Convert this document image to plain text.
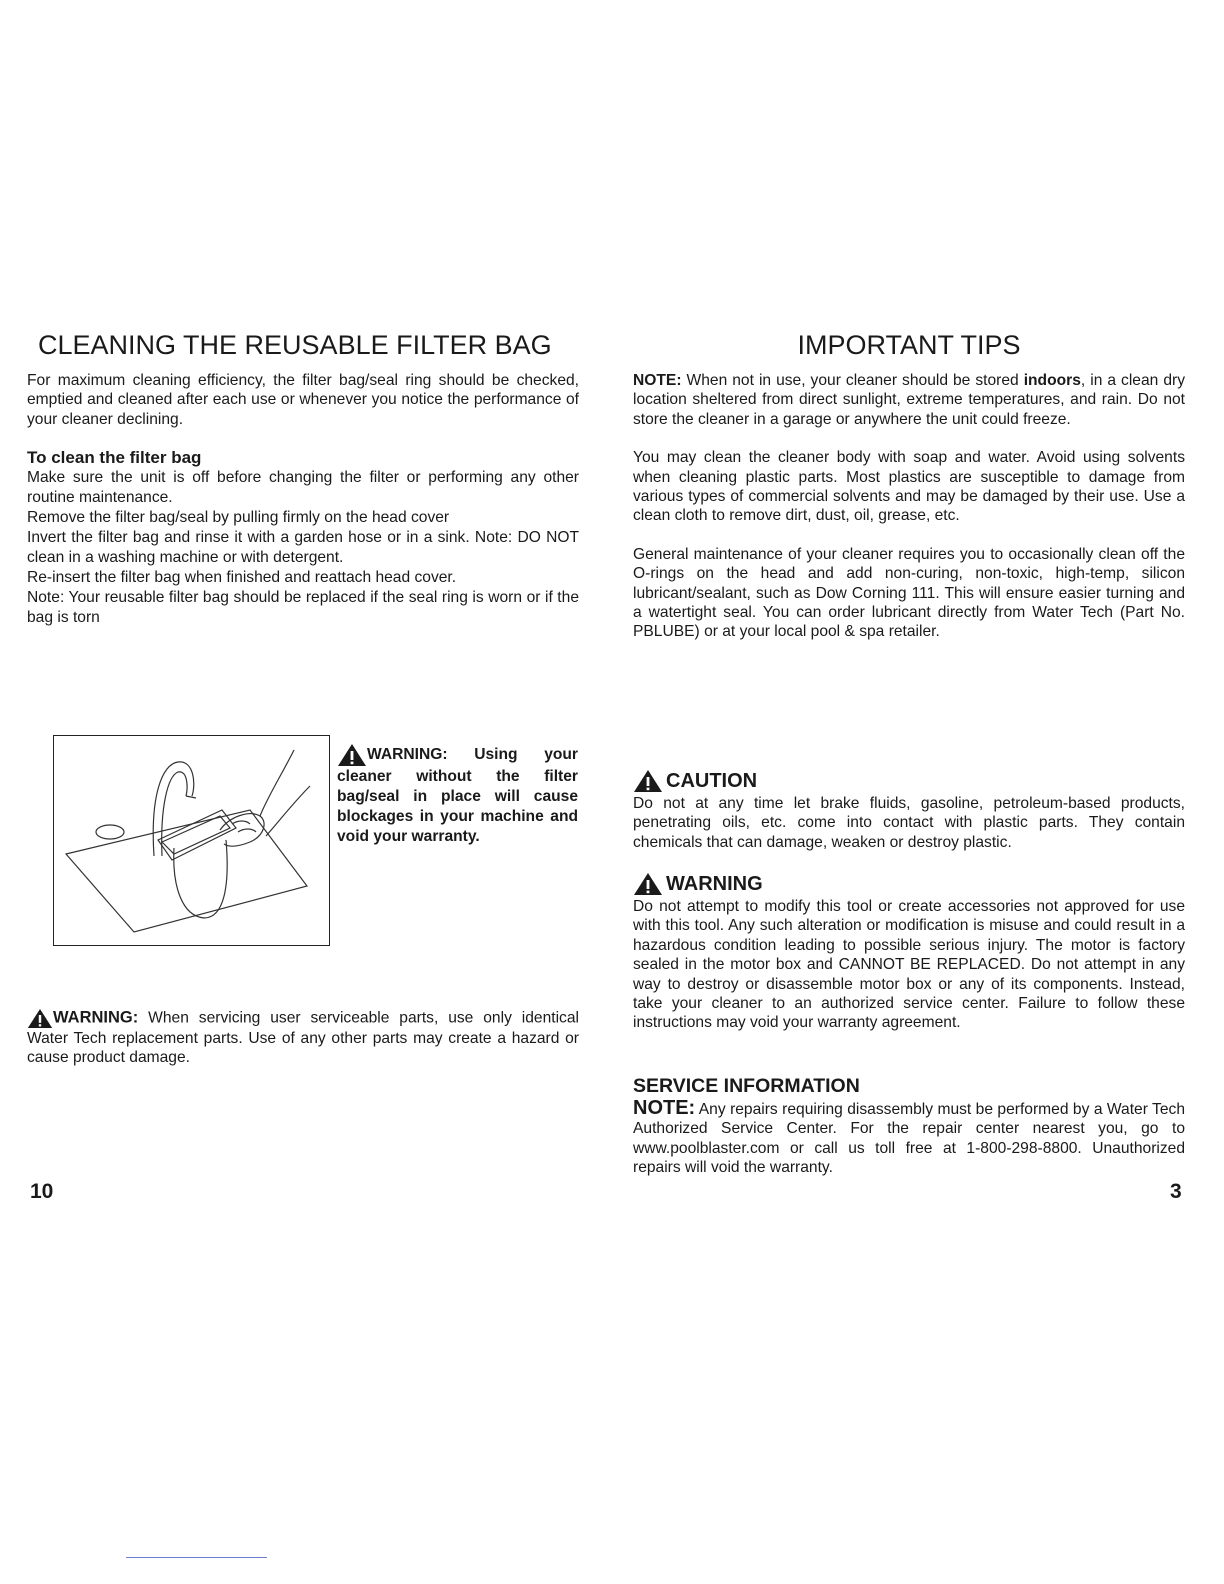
CLEANING THE REUSABLE FILTER BAG

For maximum cleaning efficiency, the filter bag/seal ring should be checked, emptied and cleaned after each use or whenever you notice the performance of your cleaner declining.

To clean the filter bag
Make sure the unit is off before changing the filter or performing any other routine maintenance.
Remove the filter bag/seal by pulling firmly on the head cover
Invert the filter bag and rinse it with a garden hose or in a sink. Note: DO NOT clean in a washing machine or with detergent.
Re-insert the filter bag when finished and reattach head cover.
Note: Your reusable filter bag should be replaced if the seal ring is worn or if the bag is torn
WARNING: Using your cleaner without the filter bag/seal in place will cause blockages in your machine and void your warranty.

WARNING: When servicing user serviceable parts, use only identical Water Tech replacement parts. Use of any other parts may create a hazard or cause product damage.

10
IMPORTANT TIPS

NOTE: When not in use, your cleaner should be stored indoors, in a clean dry location sheltered from direct sunlight, extreme temperatures, and rain. Do not store the cleaner in a garage or anywhere the unit could freeze.

You may clean the cleaner body with soap and water. Avoid using solvents when cleaning plastic parts. Most plastics are susceptible to damage from various types of commercial solvents and may be damaged by their use. Use a clean cloth to remove dirt, dust, oil, grease, etc.

General maintenance of your cleaner requires you to occasionally clean off the O-rings on the head and add non-curing, non-toxic, high-temp, silicon lubricant/sealant, such as Dow Corning 111. This will ensure easier turning and a watertight seal. You can order lubricant directly from Water Tech (Part No. PBLUBE) or at your local pool & spa retailer.

CAUTION

Do not at any time let brake fluids, gasoline, petroleum-based products, penetrating oils, etc. come into contact with plastic parts. They contain chemicals that can damage, weaken or destroy plastic.

WARNING

Do not attempt to modify this tool or create accessories not approved for use with this tool. Any such alteration or modification is misuse and could result in a hazardous condition leading to possible serious injury. The motor is factory sealed in the motor box and CANNOT BE REPLACED. Do not attempt in any way to destroy or disassemble motor box or any of its components. Instead, take your cleaner to an authorized service center. Failure to follow these instructions may void your warranty agreement.

SERVICE INFORMATION

NOTE: Any repairs requiring disassembly must be performed by a Water Tech Authorized Service Center. For the repair center nearest you, go to www.poolblaster.com or call us toll free at 1-800-298-8800. Unauthorized repairs will void the warranty.

3
